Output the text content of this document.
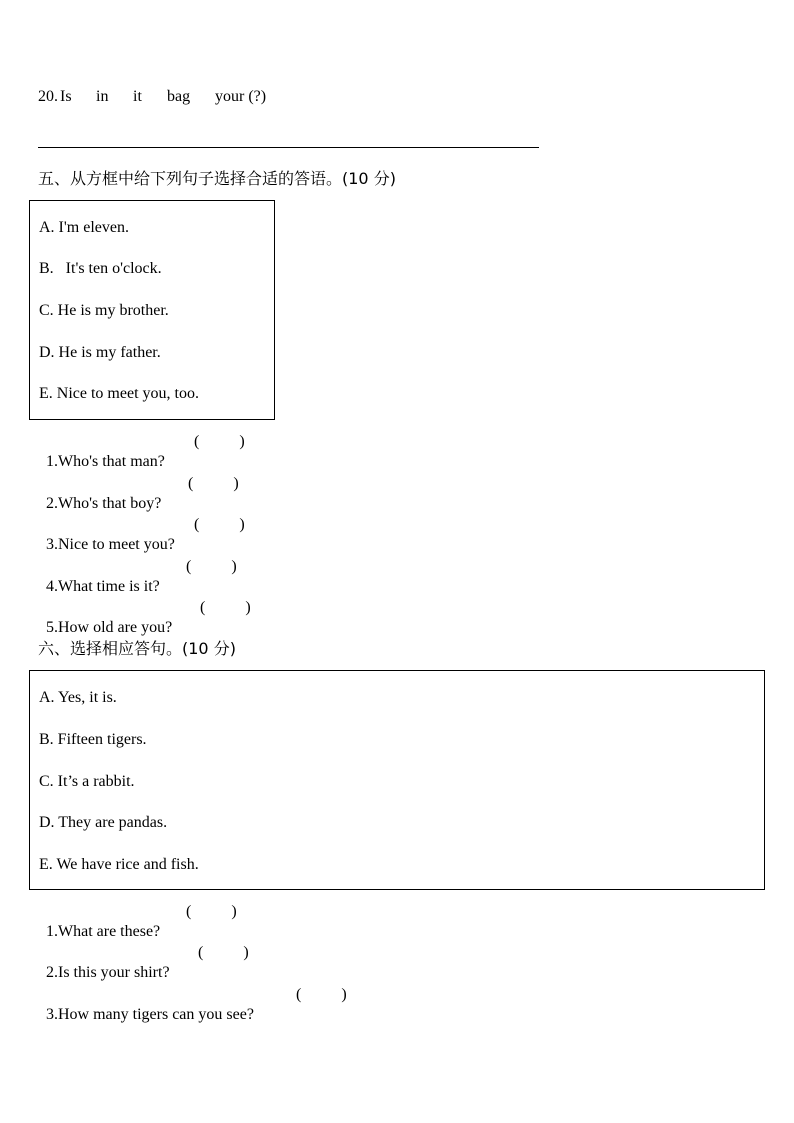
20.

Is

in

it

bag

your (?)

五、从方框中给下列句子选择合适的答语。(10 分)
A. I'm eleven.
B.   It's ten o'clock.
C. He is my brother.
D. He is my father.
E. Nice to meet you, too.

1.Who's that man?

(          )

2.Who's that boy?

(          )

3.Nice to meet you?

(          )

4.What time is it?

(          )

5.How old are you?

(          )

六、选择相应答句。(10 分)
A. Yes, it is.
B. Fifteen tigers.
C. It’s a rabbit.
D. They are pandas.
E. We have rice and fish.

1.What are these?

(          )

2.Is this your shirt?

(          )

3.How many tigers can you see?

(          )
